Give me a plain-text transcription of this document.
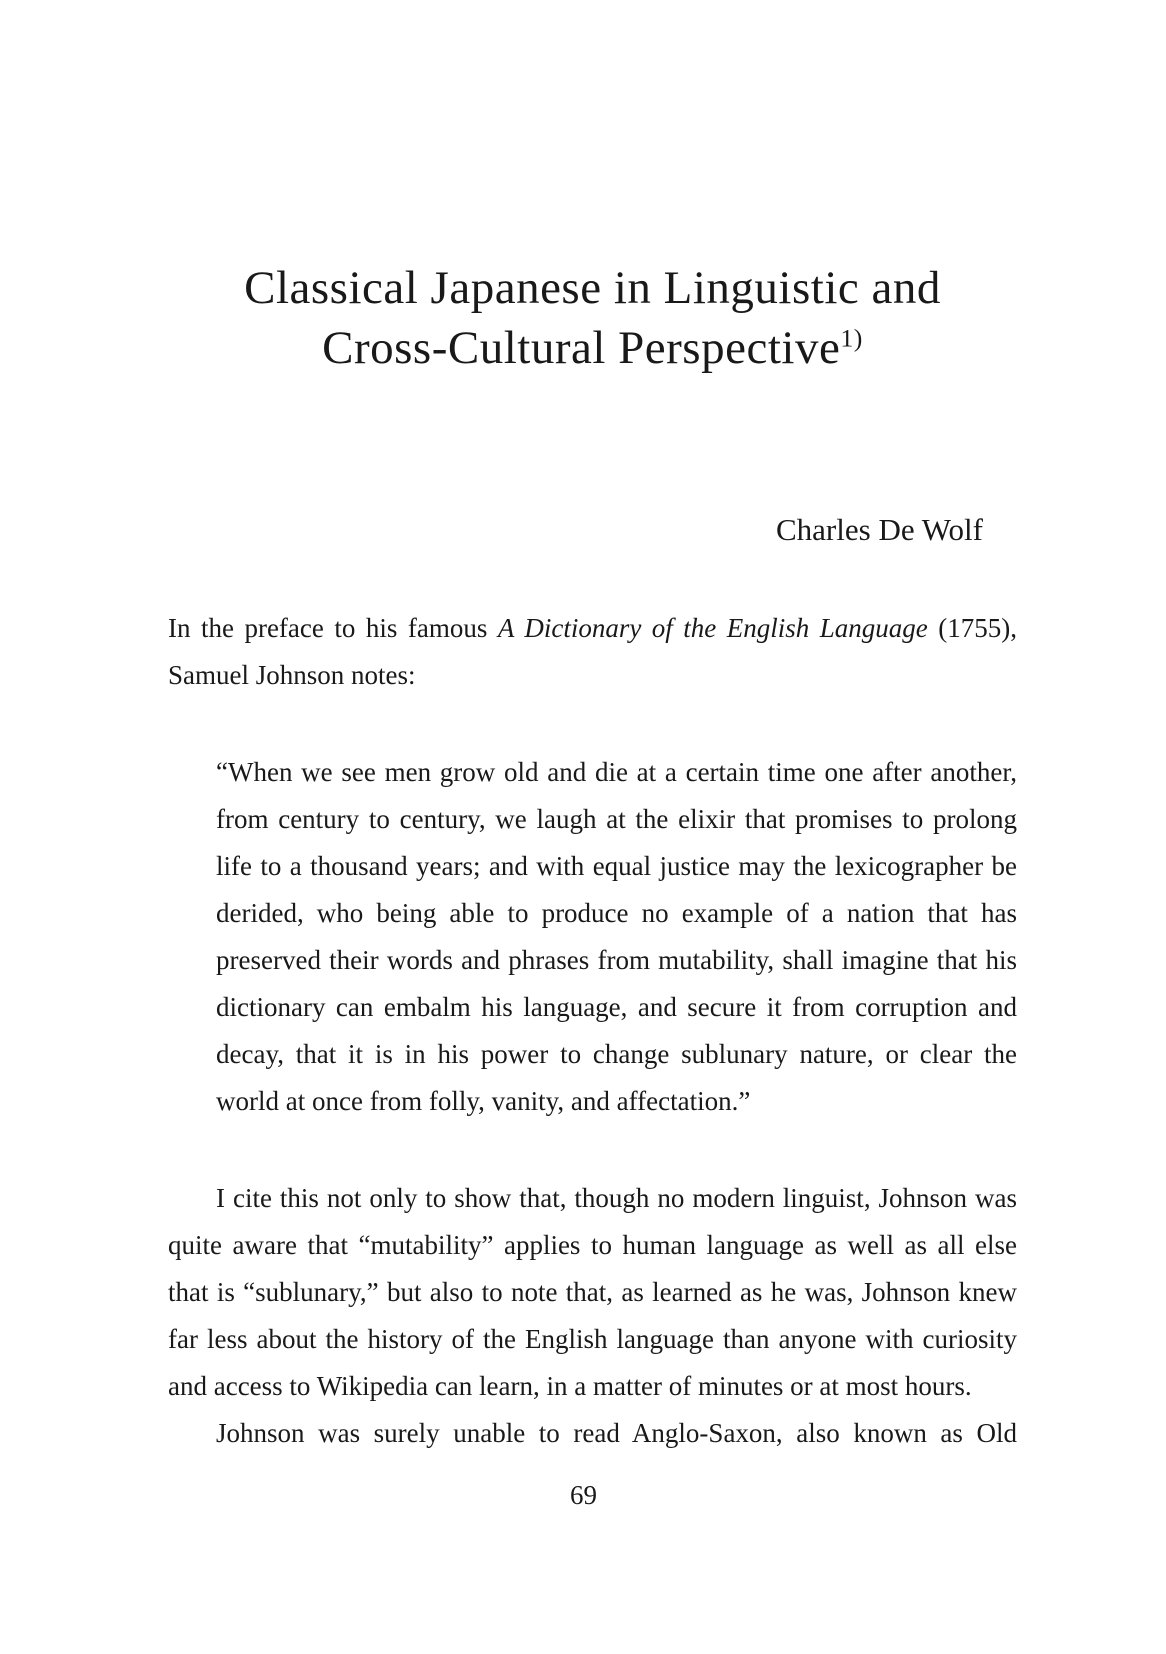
Classical Japanese in Linguistic and
Cross-Cultural Perspective$^{1)}$
Charles De Wolf

In the preface to his famous A Dictionary of the English Language (1755), Samuel Johnson notes:

“When we see men grow old and die at a certain time one after another, from century to century, we laugh at the elixir that promises to prolong life to a thousand years; and with equal justice may the lexicographer be derided, who being able to produce no example of a nation that has preserved their words and phrases from mutability, shall imagine that his dictionary can embalm his language, and secure it from corruption and decay, that it is in his power to change sublunary nature, or clear the world at once from folly, vanity, and affectation.”

I cite this not only to show that, though no modern linguist, Johnson was quite aware that “mutability” applies to human language as well as all else that is “sublunary,” but also to note that, as learned as he was, Johnson knew far less about the history of the English language than anyone with curiosity and access to Wikipedia can learn, in a matter of minutes or at most hours.

Johnson was surely unable to read Anglo-Saxon, also known as Old

69
